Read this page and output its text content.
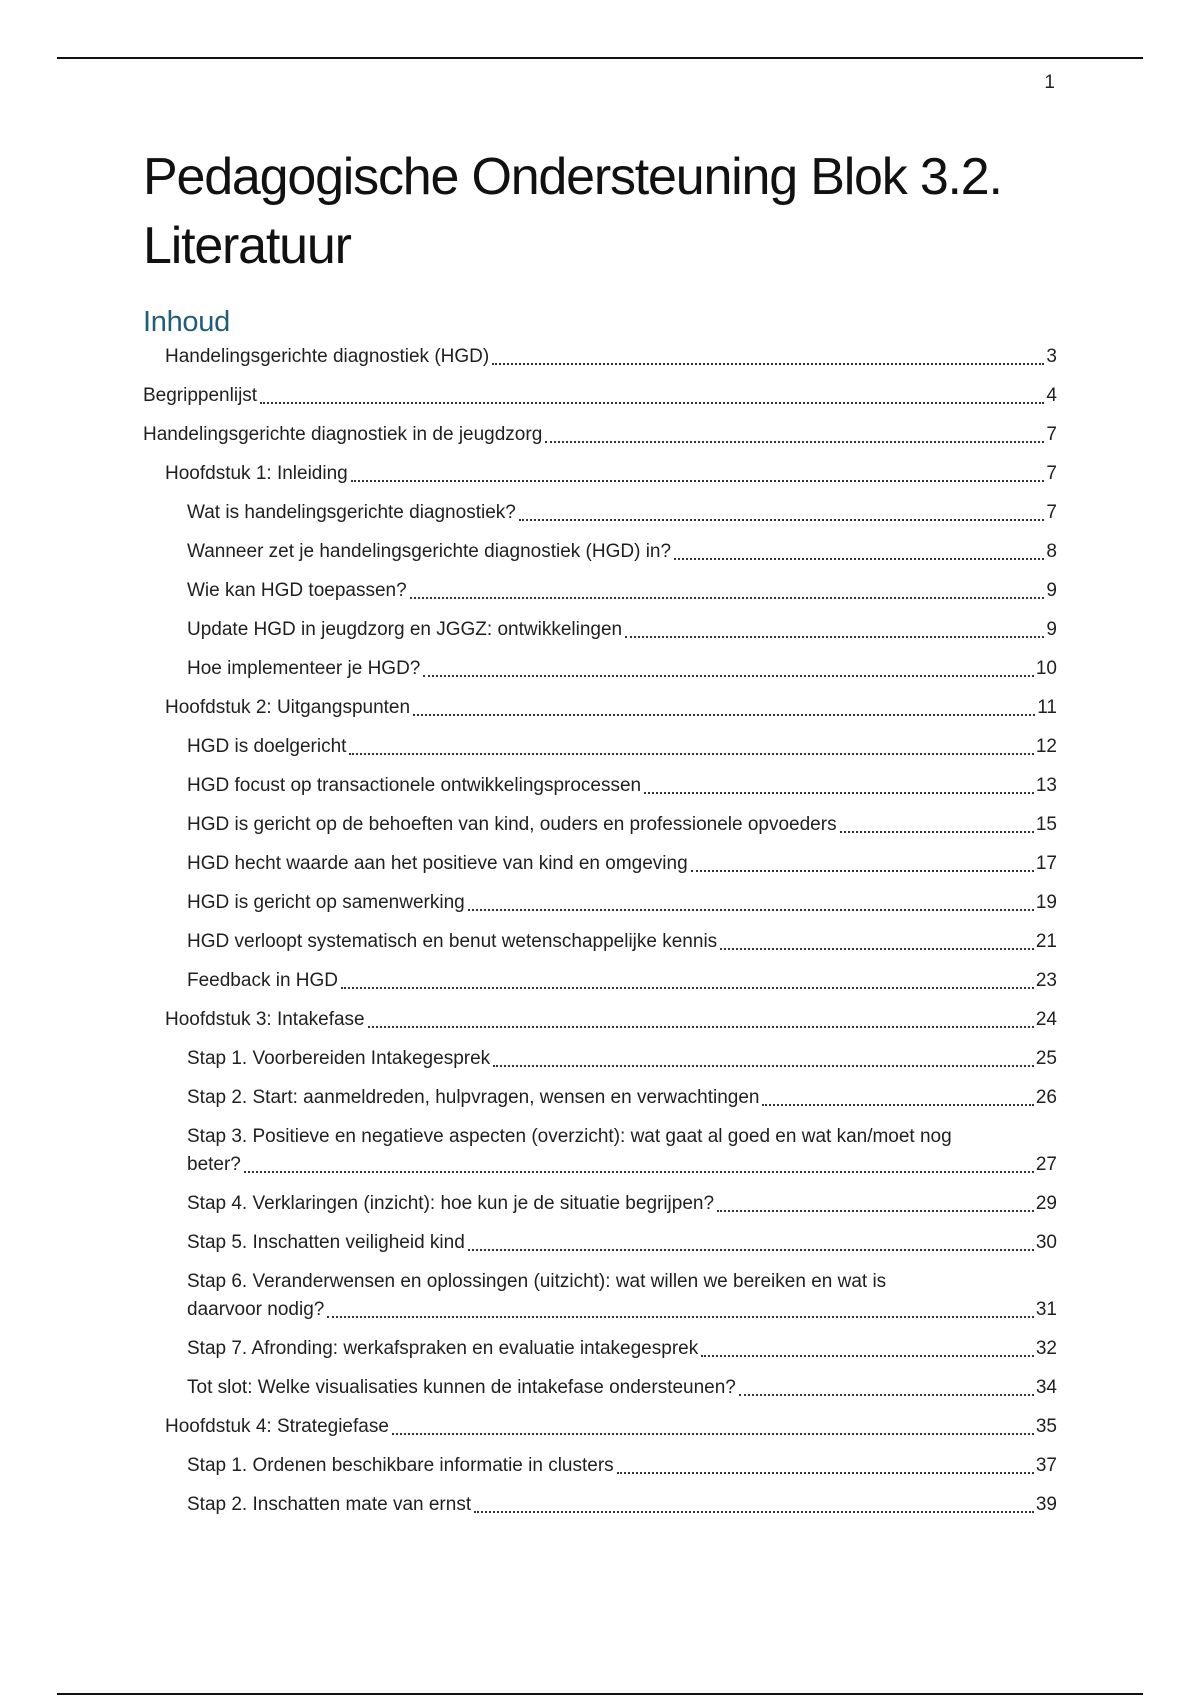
1
Pedagogische Ondersteuning Blok 3.2. Literatuur
Inhoud
Handelingsgerichte diagnostiek (HGD)	3
Begrippenlijst	4
Handelingsgerichte diagnostiek in de jeugdzorg	7
Hoofdstuk 1: Inleiding	7
Wat is handelingsgerichte diagnostiek?	7
Wanneer zet je handelingsgerichte diagnostiek (HGD) in?	8
Wie kan HGD toepassen?	9
Update HGD in jeugdzorg en JGGZ: ontwikkelingen	9
Hoe implementeer je HGD?	10
Hoofdstuk 2: Uitgangspunten	11
HGD is doelgericht	12
HGD focust op transactionele ontwikkelingsprocessen	13
HGD is gericht op de behoeften van kind, ouders en professionele opvoeders	15
HGD hecht waarde aan het positieve van kind en omgeving	17
HGD is gericht op samenwerking	19
HGD verloopt systematisch en benut wetenschappelijke kennis	21
Feedback in HGD	23
Hoofdstuk 3: Intakefase	24
Stap 1. Voorbereiden Intakegesprek	25
Stap 2. Start: aanmeldreden, hulpvragen, wensen en verwachtingen	26
Stap 3. Positieve en negatieve aspecten (overzicht): wat gaat al goed en wat kan/moet nog
beter?	27
Stap 4. Verklaringen (inzicht): hoe kun je de situatie begrijpen?	29
Stap 5. Inschatten veiligheid kind	30
Stap 6. Veranderwensen en oplossingen (uitzicht): wat willen we bereiken en wat is
daarvoor nodig?	31
Stap 7. Afronding: werkafspraken en evaluatie intakegesprek	32
Tot slot: Welke visualisaties kunnen de intakefase ondersteunen?	34
Hoofdstuk 4: Strategiefase	35
Stap 1. Ordenen beschikbare informatie in clusters	37
Stap 2. Inschatten mate van ernst	39
